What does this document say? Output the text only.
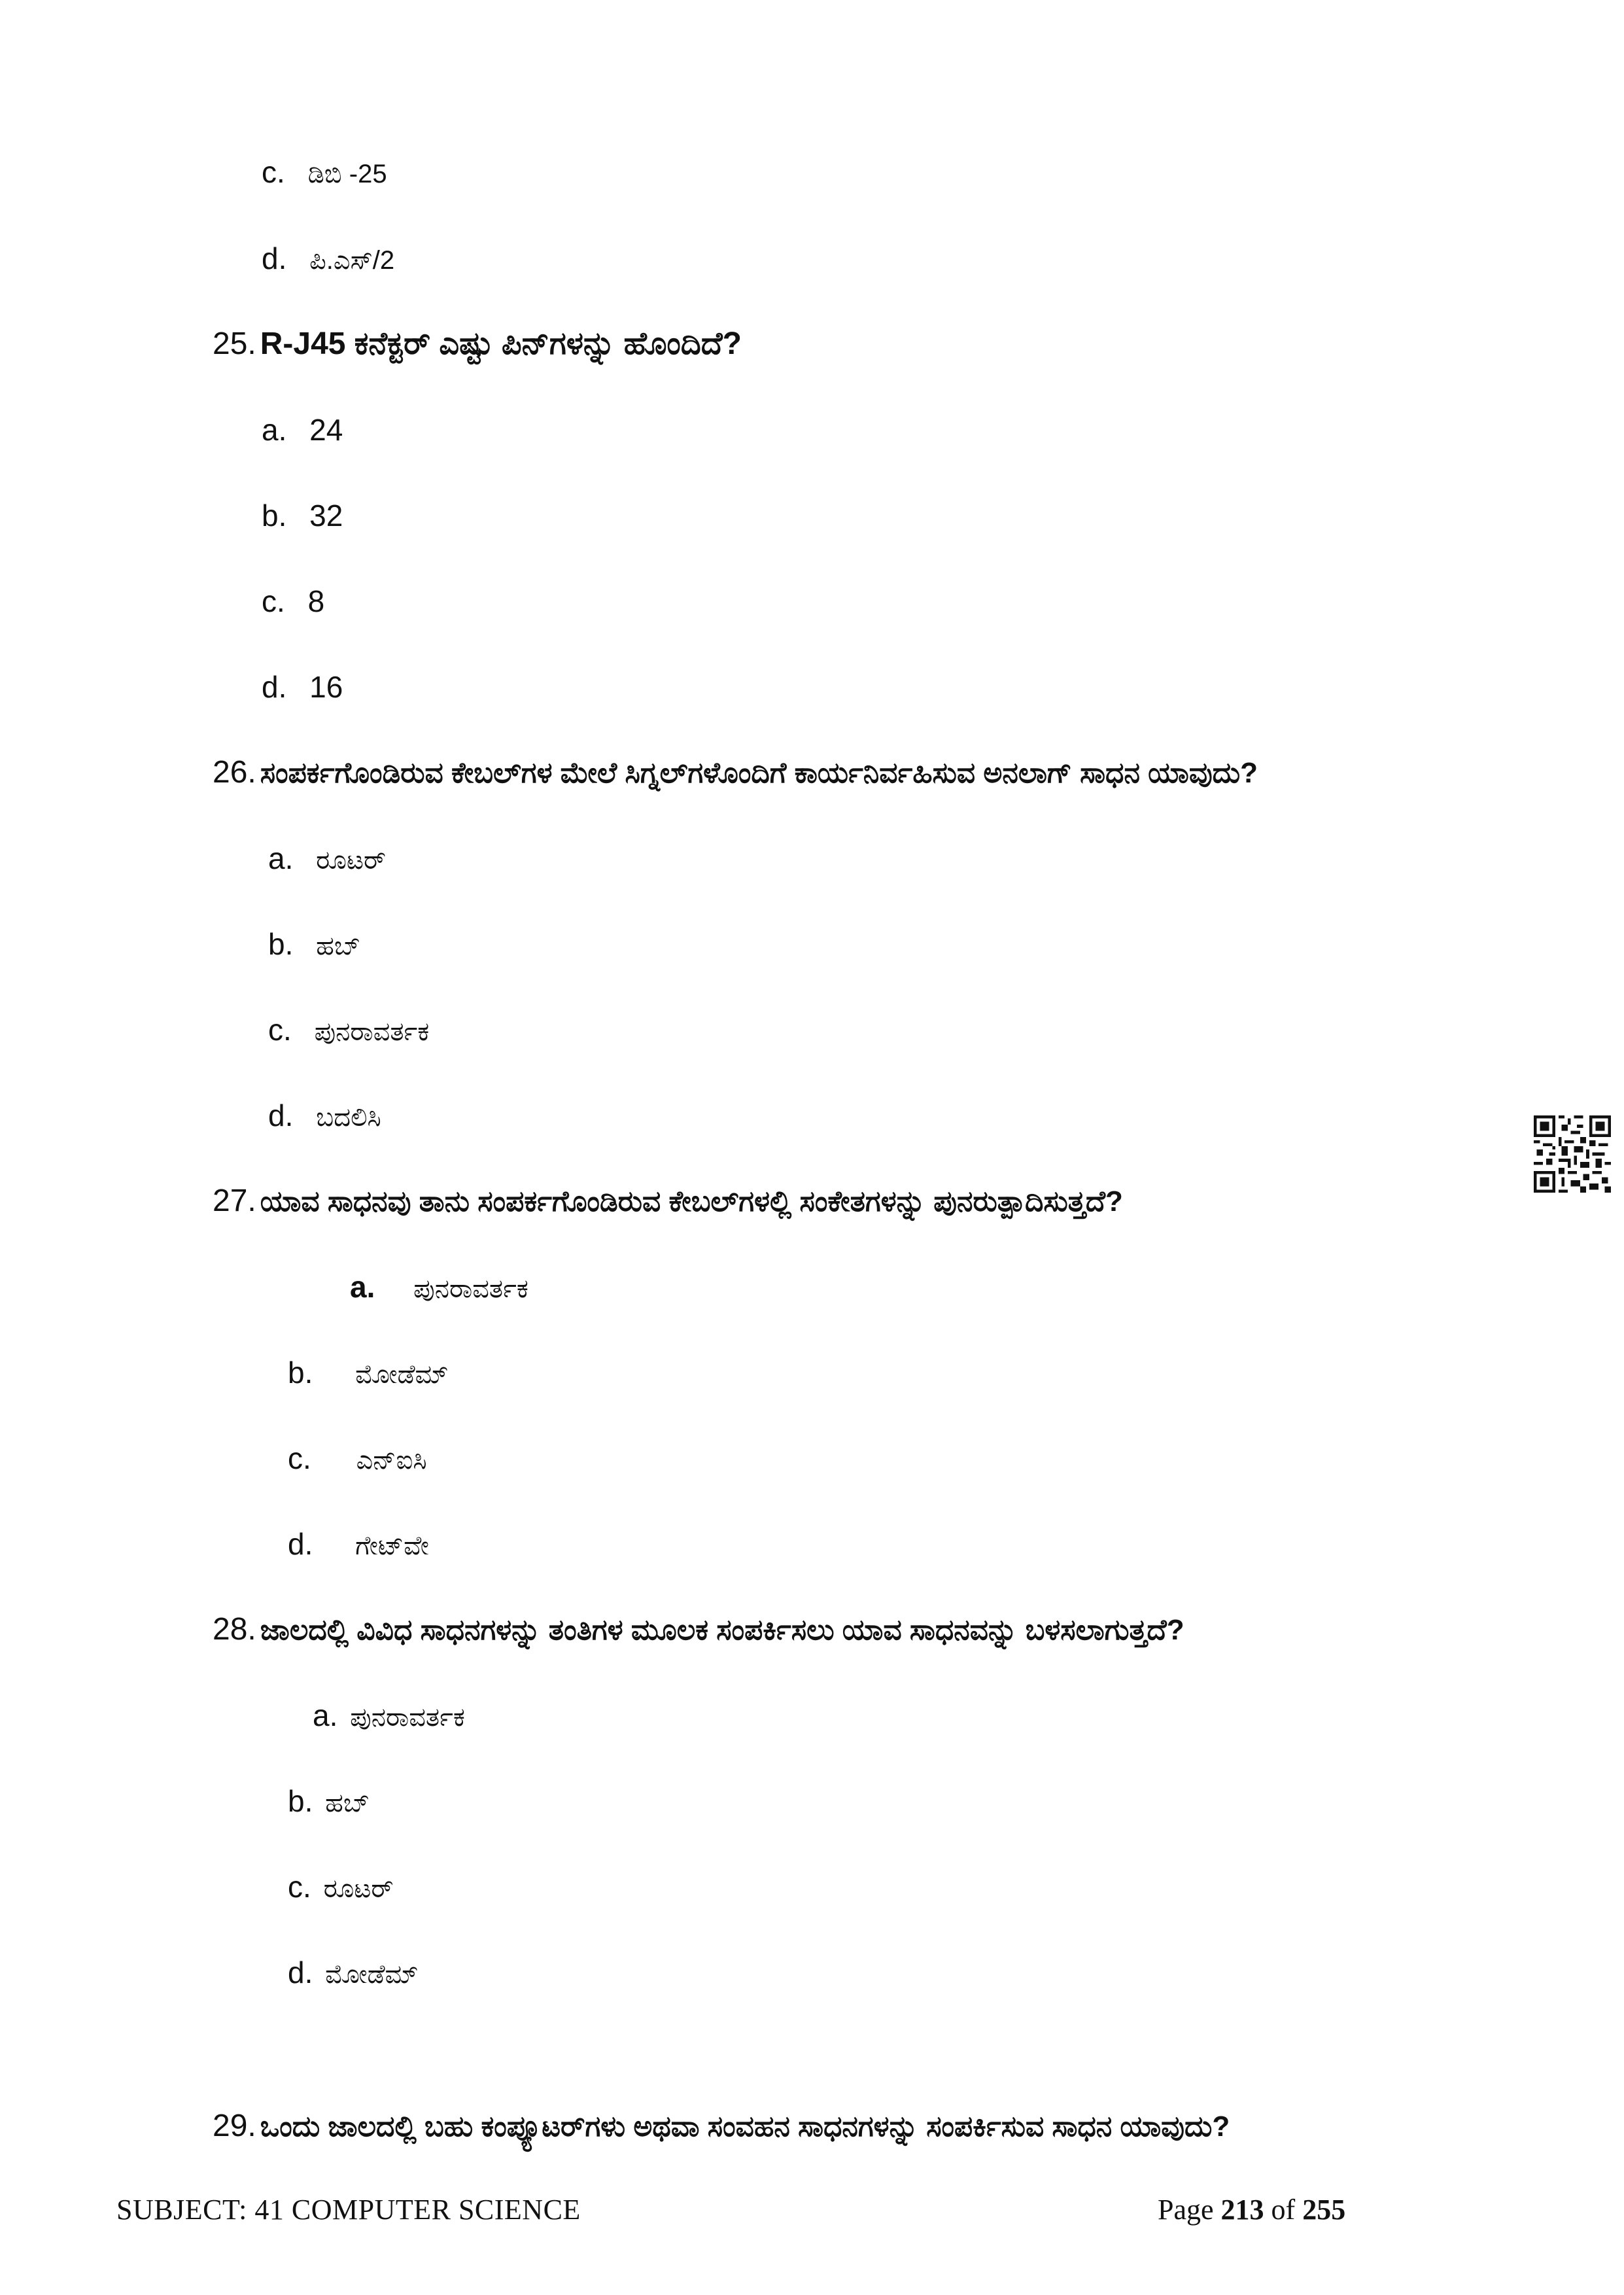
c. ಡಿಬಿ -25
d. ಪಿ.ಎಸ್/2
25. R-J45 ಕನೆಕ್ಟರ್ ಎಷ್ಟು ಪಿನ್‌ಗಳನ್ನು ಹೊಂದಿದೆ?
a. 24
b. 32
c. 8
d. 16
26. ಸಂಪರ್ಕಗೊಂಡಿರುವ ಕೇಬಲ್‌ಗಳ ಮೇಲೆ ಸಿಗ್ನಲ್‌ಗಳೊಂದಿಗೆ ಕಾರ್ಯನಿರ್ವಹಿಸುವ ಅನಲಾಗ್ ಸಾಧನ ಯಾವುದು?
a. ರೂಟರ್
b. ಹಬ್
c. ಪುನರಾವರ್ತಕ
d. ಬದಲಿಸಿ
27. ಯಾವ ಸಾಧನವು ತಾನು ಸಂಪರ್ಕಗೊಂಡಿರುವ ಕೇಬಲ್‌ಗಳಲ್ಲಿ ಸಂಕೇತಗಳನ್ನು ಪುನರುತ್ಪಾದಿಸುತ್ತದೆ?
a. ಪುನರಾವರ್ತಕ
b. ಮೋಡೆಮ್
c. ಎನ್ಐಸಿ
d. ಗೇಟ್‌ವೇ
28. ಜಾಲದಲ್ಲಿ ವಿವಿಧ ಸಾಧನಗಳನ್ನು ತಂತಿಗಳ ಮೂಲಕ ಸಂಪರ್ಕಿಸಲು ಯಾವ ಸಾಧನವನ್ನು ಬಳಸಲಾಗುತ್ತದೆ?
a. ಪುನರಾವರ್ತಕ
b. ಹಬ್
c. ರೂಟರ್
d. ಮೋಡೆಮ್
29. ಒಂದು ಜಾಲದಲ್ಲಿ ಬಹು ಕಂಪ್ಯೂಟರ್‌ಗಳು ಅಥವಾ ಸಂವಹನ ಸಾಧನಗಳನ್ನು ಸಂಪರ್ಕಿಸುವ ಸಾಧನ ಯಾವುದು?
SUBJECT: 41 COMPUTER SCIENCE	Page 213 of 255
